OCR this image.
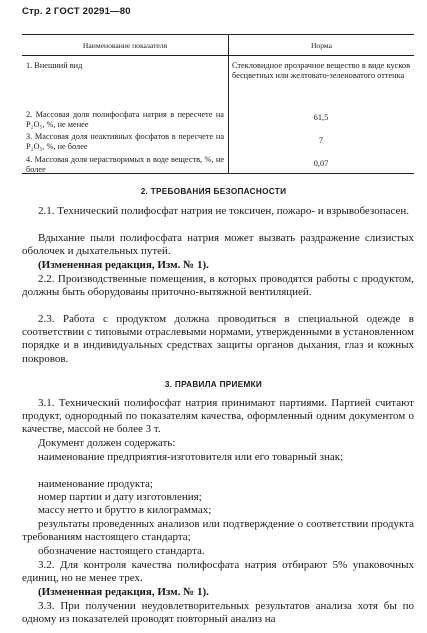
Стр. 2 ГОСТ 20291—80
Наименование показателя	Норма
1. Внешний вид	Стекловидное прозрачное вещество в виде кусков бесцветных или желтовато-зеленоватого оттенка
2. Массовая доля полифосфата натрия в пересчете на P₂O₅, %, не менее
61,5
3. Массовая доля неактивных фосфатов в пересчете на P₂O₅, %, не более
7
4. Массовая доля нерастворимых в воде веществ, %, не более
0,07
2. ТРЕБОВАНИЯ БЕЗОПАСНОСТИ
2.1. Технический полифосфат натрия не токсичен, пожаро- и взрывобезопасен.
Вдыхание пыли полифосфата натрия может вызвать раздражение слизистых оболочек и дыхательных путей.
(Измененная редакция, Изм. № 1).
2.2. Производственные помещения, в которых проводятся работы с продуктом, должны быть оборудованы приточно-вытяжной вентиляцией.
2.3. Работа с продуктом должна проводиться в специальной одежде в соответствии с типовыми отраслевыми нормами, утвержденными в установленном порядке и в индивидуальных средствах защиты органов дыхания, глаз и кожных покровов.
3. ПРАВИЛА ПРИЕМКИ
3.1. Технический полифосфат натрия принимают партиями. Партией считают продукт, однородный по показателям качества, оформленный одним документом о качестве, массой не более 3 т.
Документ должен содержать:
наименование предприятия-изготовителя или его товарный знак;
наименование продукта;
номер партии и дату изготовления;
массу нетто и брутто в килограммах;
результаты проведенных анализов или подтверждение о соответствии продукта требованиям настоящего стандарта;
обозначение настоящего стандарта.
3.2. Для контроля качества полифосфата натрия отбирают 5% упаковочных единиц, но не менее трех.
(Измененная редакция, Изм. № 1).
3.3. При получении неудовлетворительных результатов анализа хотя бы по одному из показателей проводят повторный анализ на
